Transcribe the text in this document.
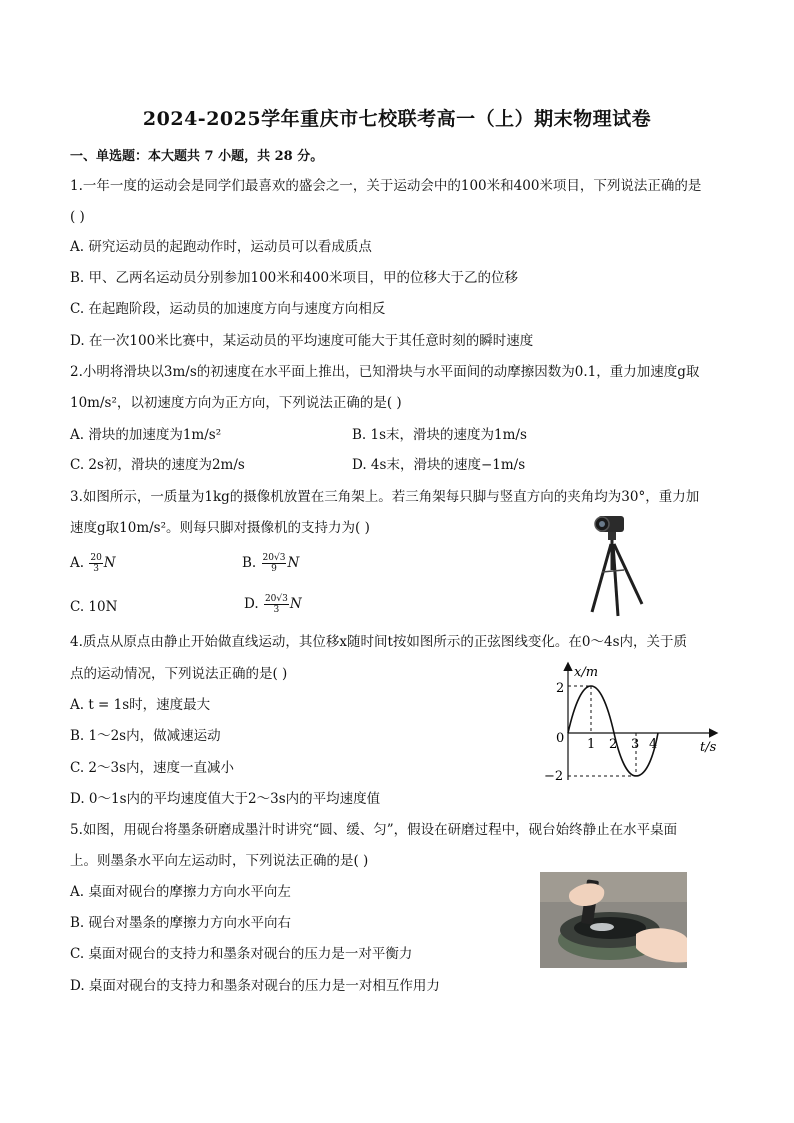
2024-2025学年重庆市七校联考高一（上）期末物理试卷
一、单选题：本大题共 7 小题，共 28 分。
1.一年一度的运动会是同学们最喜欢的盛会之一，关于运动会中的100米和400米项目，下列说法正确的是
( )
A. 研究运动员的起跑动作时，运动员可以看成质点
B. 甲、乙两名运动员分别参加100米和400米项目，甲的位移大于乙的位移
C. 在起跑阶段，运动员的加速度方向与速度方向相反
D. 在一次100米比赛中，某运动员的平均速度可能大于其任意时刻的瞬时速度
2.小明将滑块以3m/s的初速度在水平面上推出，已知滑块与水平面间的动摩擦因数为0.1，重力加速度g取
10m/s²，以初速度方向为正方向，下列说法正确的是( )
A. 滑块的加速度为1m/s²	B. 1s末，滑块的速度为1m/s
C. 2s初，滑块的速度为2m/s	D. 4s末，滑块的速度−1m/s
3.如图所示，一质量为1kg的摄像机放置在三角架上。若三角架每只脚与竖直方向的夹角均为30°，重力加
速度g取10m/s²。则每只脚对摄像机的支持力为( )
A. $\frac{20}{3}$ N	B. $\frac{20√3}{9}$ N
C. 10N	D. $\frac{20√3}{3}$ N
4.质点从原点由静止开始做直线运动，其位移x随时间t按如图所示的正弦图线变化。在0～4s内，关于质
点的运动情况，下列说法正确的是( )
A. t = 1s时，速度最大
B. 1～2s内，做减速运动
C. 2～3s内，速度一直减小
D. 0～1s内的平均速度值大于2～3s内的平均速度值
x/m
t/s
2
−2
0 1 2 3 4
5.如图，用砚台将墨条研磨成墨汁时讲究“圆、缓、匀”，假设在研磨过程中，砚台始终静止在水平桌面
上。则墨条水平向左运动时，下列说法正确的是( )
A. 桌面对砚台的摩擦力方向水平向左
B. 砚台对墨条的摩擦力方向水平向右
C. 桌面对砚台的支持力和墨条对砚台的压力是一对平衡力
D. 桌面对砚台的支持力和墨条对砚台的压力是一对相互作用力
